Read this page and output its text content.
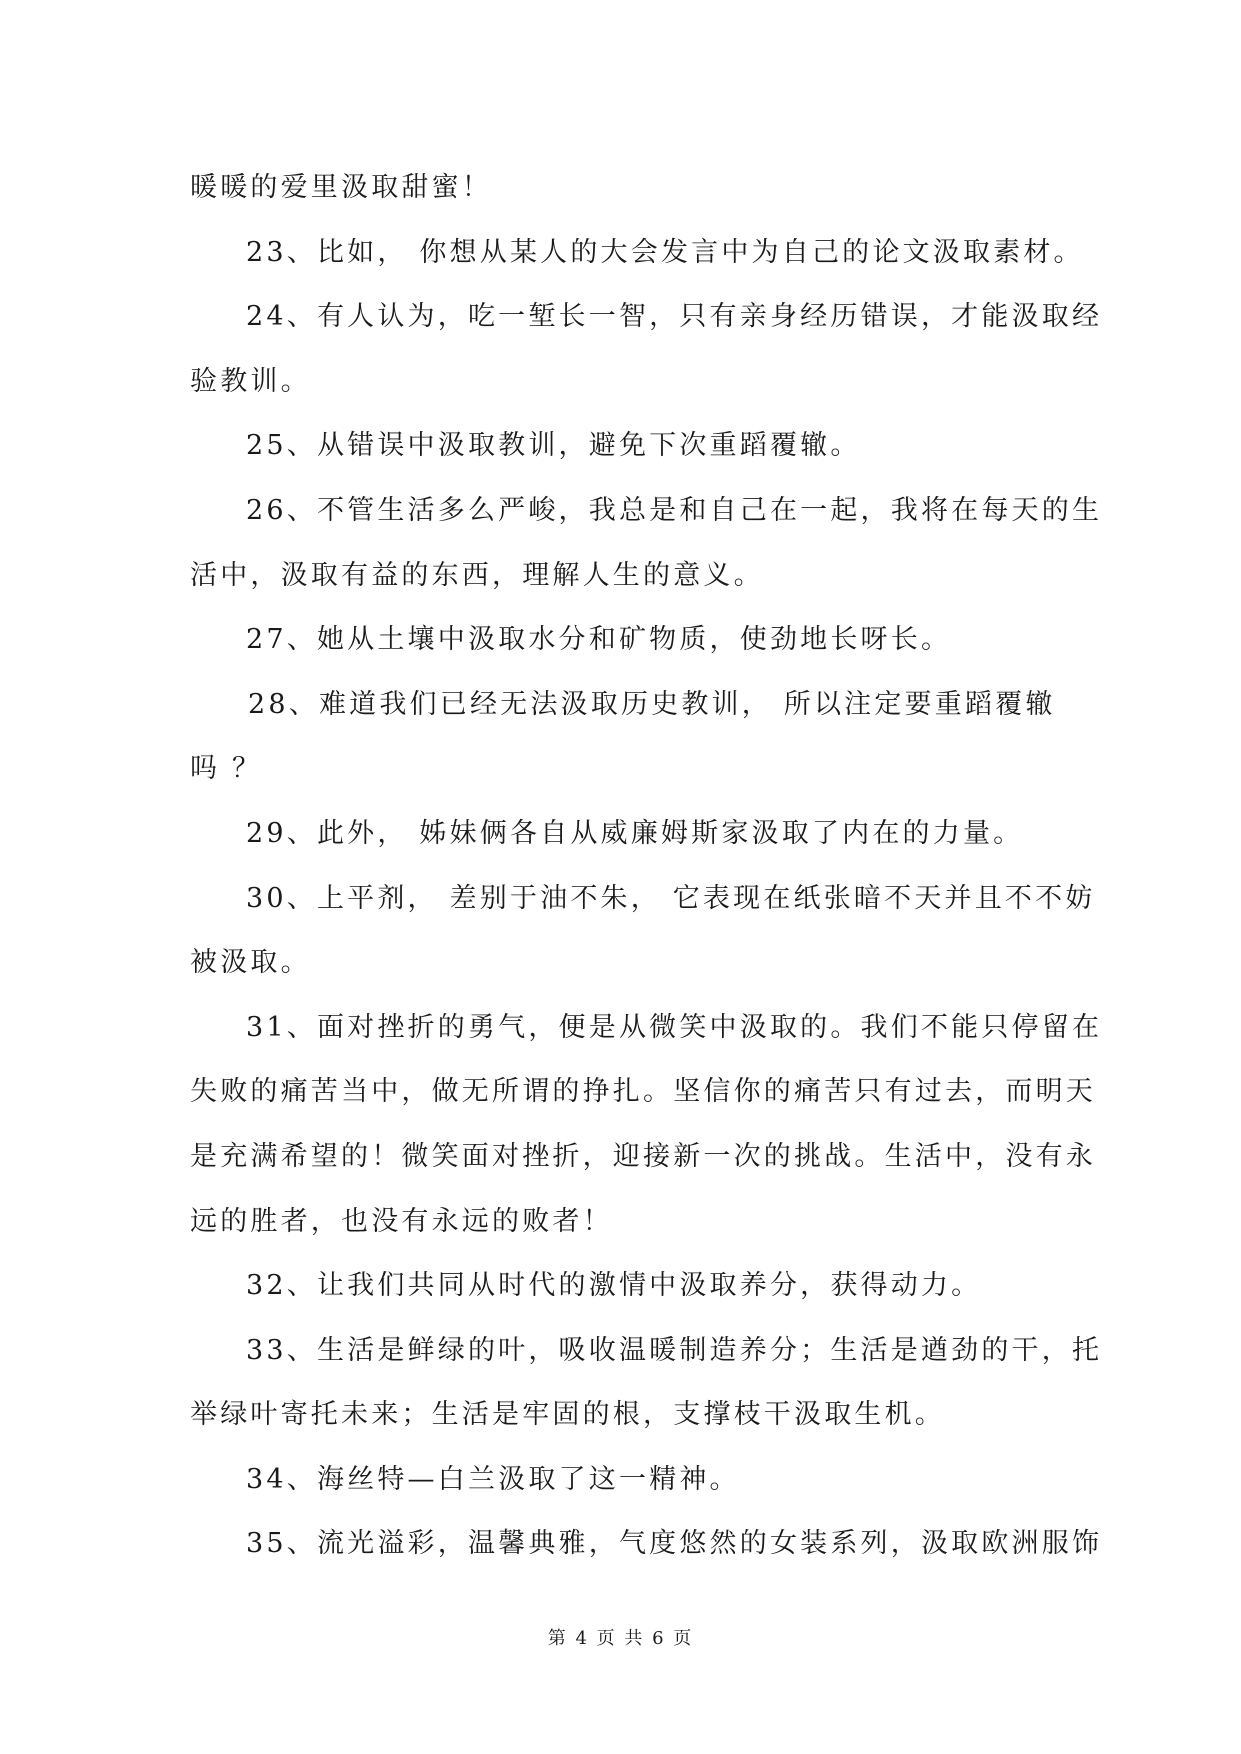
暖暖的爱里汲取甜蜜！
23、比如， 你想从某人的大会发言中为自己的论文汲取素材。
24、有人认为，吃一堑长一智，只有亲身经历错误，才能汲取经
验教训。
25、从错误中汲取教训，避免下次重蹈覆辙。
26、不管生活多么严峻，我总是和自己在一起，我将在每天的生
活中，汲取有益的东西，理解人生的意义。
27、她从土壤中汲取水分和矿物质，使劲地长呀长。
28、难道我们已经无法汲取历史教训， 所以注定要重蹈覆辙
吗 ？
29、此外， 姊妹俩各自从威廉姆斯家汲取了内在的力量。
30、上平剂， 差别于油不朱， 它表现在纸张暗不天并且不不妨
被汲取。
31、面对挫折的勇气，便是从微笑中汲取的。我们不能只停留在
失败的痛苦当中，做无所谓的挣扎。坚信你的痛苦只有过去，而明天
是充满希望的！微笑面对挫折，迎接新一次的挑战。生活中，没有永
远的胜者，也没有永远的败者！
32、让我们共同从时代的激情中汲取养分，获得动力。
33、生活是鲜绿的叶，吸收温暖制造养分；生活是遒劲的干，托
举绿叶寄托未来；生活是牢固的根，支撑枝干汲取生机。
34、海丝特—白兰汲取了这一精神。
35、流光溢彩，温馨典雅，气度悠然的女装系列，汲取欧洲服饰
第 4 页 共 6 页
